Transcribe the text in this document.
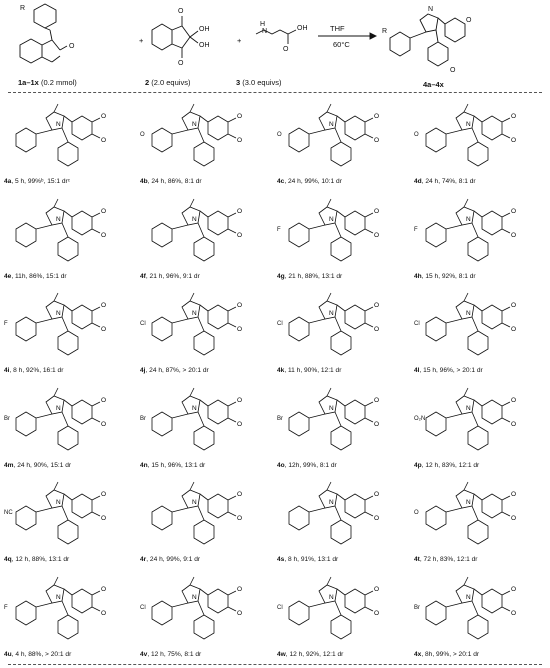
R
O
O
O
OH
OH
O
OH
H
N
N
O
O
R
+	+
THF
60°C
1a–1x (0.2 mmol)	2 (2.0 equivs)	3 (3.0 equivs)	4a–4x
N
O
O
4a, 5 h, 99%ᵇ, 15:1 drᶜ
N
O
O
O
4b, 24 h, 86%, 8:1 dr
N
O
O
O
4c, 24 h, 99%, 10:1 dr
N
O
O
O
4d, 24 h, 74%, 8:1 dr
N
O
O
4e, 11h, 86%, 15:1 dr
N
O
O
4f, 21 h, 96%, 9:1 dr
N
O
O
F
4g, 21 h, 88%, 13:1 dr
N
O
O
F
4h, 15 h, 92%, 8:1 dr
N
O
O
F
4i, 8 h, 92%, 16:1 dr
N
O
O
Cl
4j, 24 h, 87%, > 20:1 dr
N
O
O
Cl
4k, 11 h, 90%, 12:1 dr
N
O
O
Cl
4l, 15 h, 96%, > 20:1 dr
N
O
O
Br
4m, 24 h, 90%, 15:1 dr
N
O
O
Br
4n, 15 h, 96%, 13:1 dr
N
O
O
Br
4o, 12h, 99%, 8:1 dr
N
O
O
O₂N
4p, 12 h, 83%, 12:1 dr
N
O
O
NC
4q, 12 h, 88%, 13:1 dr
N
O
O
4r, 24 h, 99%, 9:1 dr
N
O
O
4s, 8 h, 91%, 13:1 dr
N
O
O
O
4t, 72 h, 83%, 12:1 dr
N
O
O
F
4u, 4 h, 88%, > 20:1 dr
N
O
O
Cl
4v, 12 h, 75%, 8:1 dr
N
O
O
Cl
4w, 12 h, 92%, 12:1 dr
N
O
O
Br
4x, 8h, 99%, > 20:1 dr
